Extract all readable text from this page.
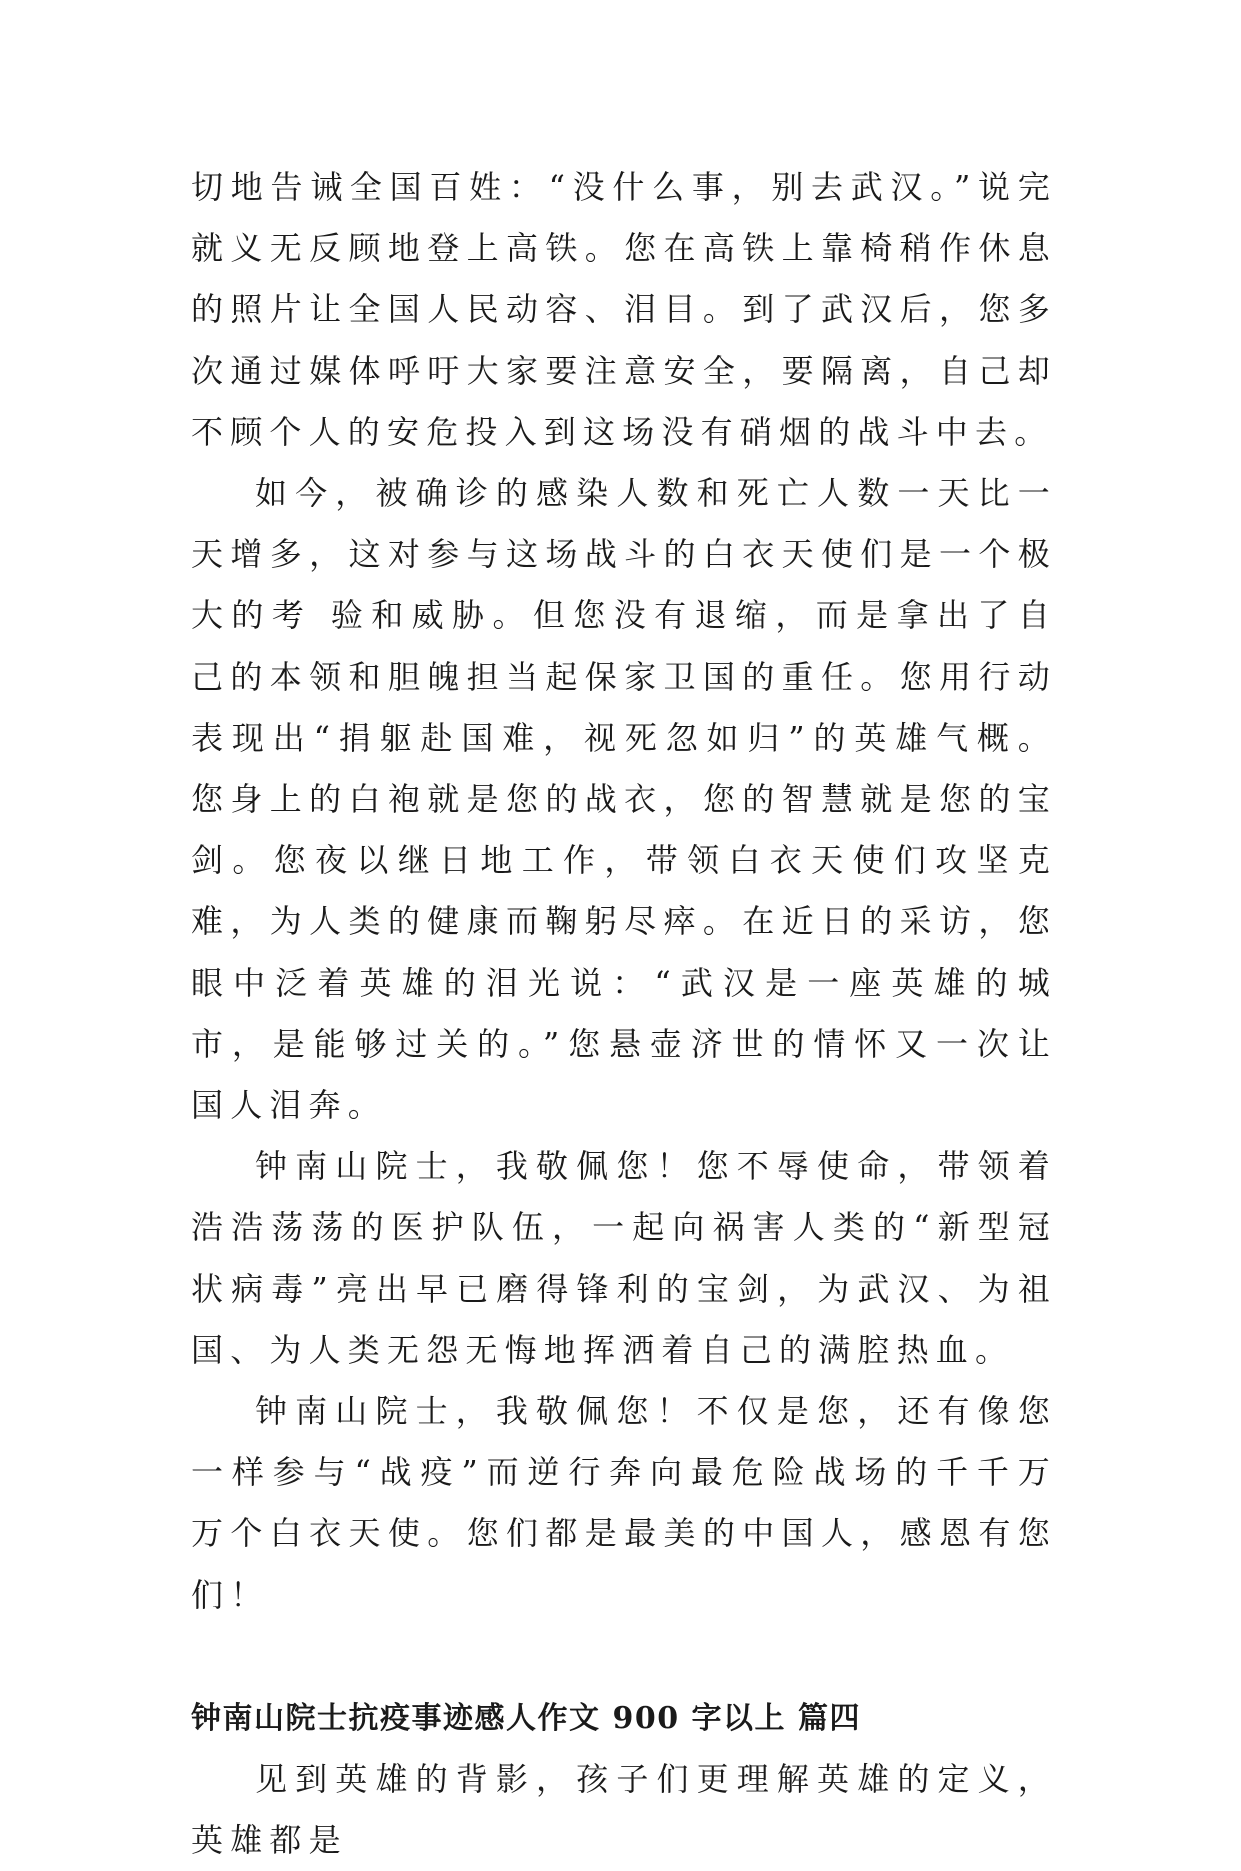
切地告诫全国百姓：“没什么事，别去武汉。”说完就义无反顾地登上高铁。您在高铁上靠椅稍作休息的照片让全国人民动容、泪目。到了武汉后，您多次通过媒体呼吁大家要注意安全，要隔离，自己却不顾个人的安危投入到这场没有硝烟的战斗中去。

如今，被确诊的感染人数和死亡人数一天比一天增多，这对参与这场战斗的白衣天使们是一个极大的考 验和威胁。但您没有退缩，而是拿出了自己的本领和胆魄担当起保家卫国的重任。您用行动表现出“捐躯赴国难，视死忽如归”的英雄气概。您身上的白袍就是您的战衣，您的智慧就是您的宝剑。您夜以继日地工作，带领白衣天使们攻坚克难，为人类的健康而鞠躬尽瘁。在近日的采访，您眼中泛着英雄的泪光说：“武汉是一座英雄的城市，是能够过关的。”您悬壶济世的情怀又一次让国人泪奔。

钟南山院士，我敬佩您！您不辱使命，带领着浩浩荡荡的医护队伍，一起向祸害人类的“新型冠状病毒”亮出早已磨得锋利的宝剑，为武汉、为祖国、为人类无怨无悔地挥洒着自己的满腔热血。

钟南山院士，我敬佩您！不仅是您，还有像您一样参与“战疫”而逆行奔向最危险战场的千千万万个白衣天使。您们都是最美的中国人，感恩有您们！

钟南山院士抗疫事迹感人作文 900 字以上 篇四

见到英雄的背影，孩子们更理解英雄的定义，英雄都是
